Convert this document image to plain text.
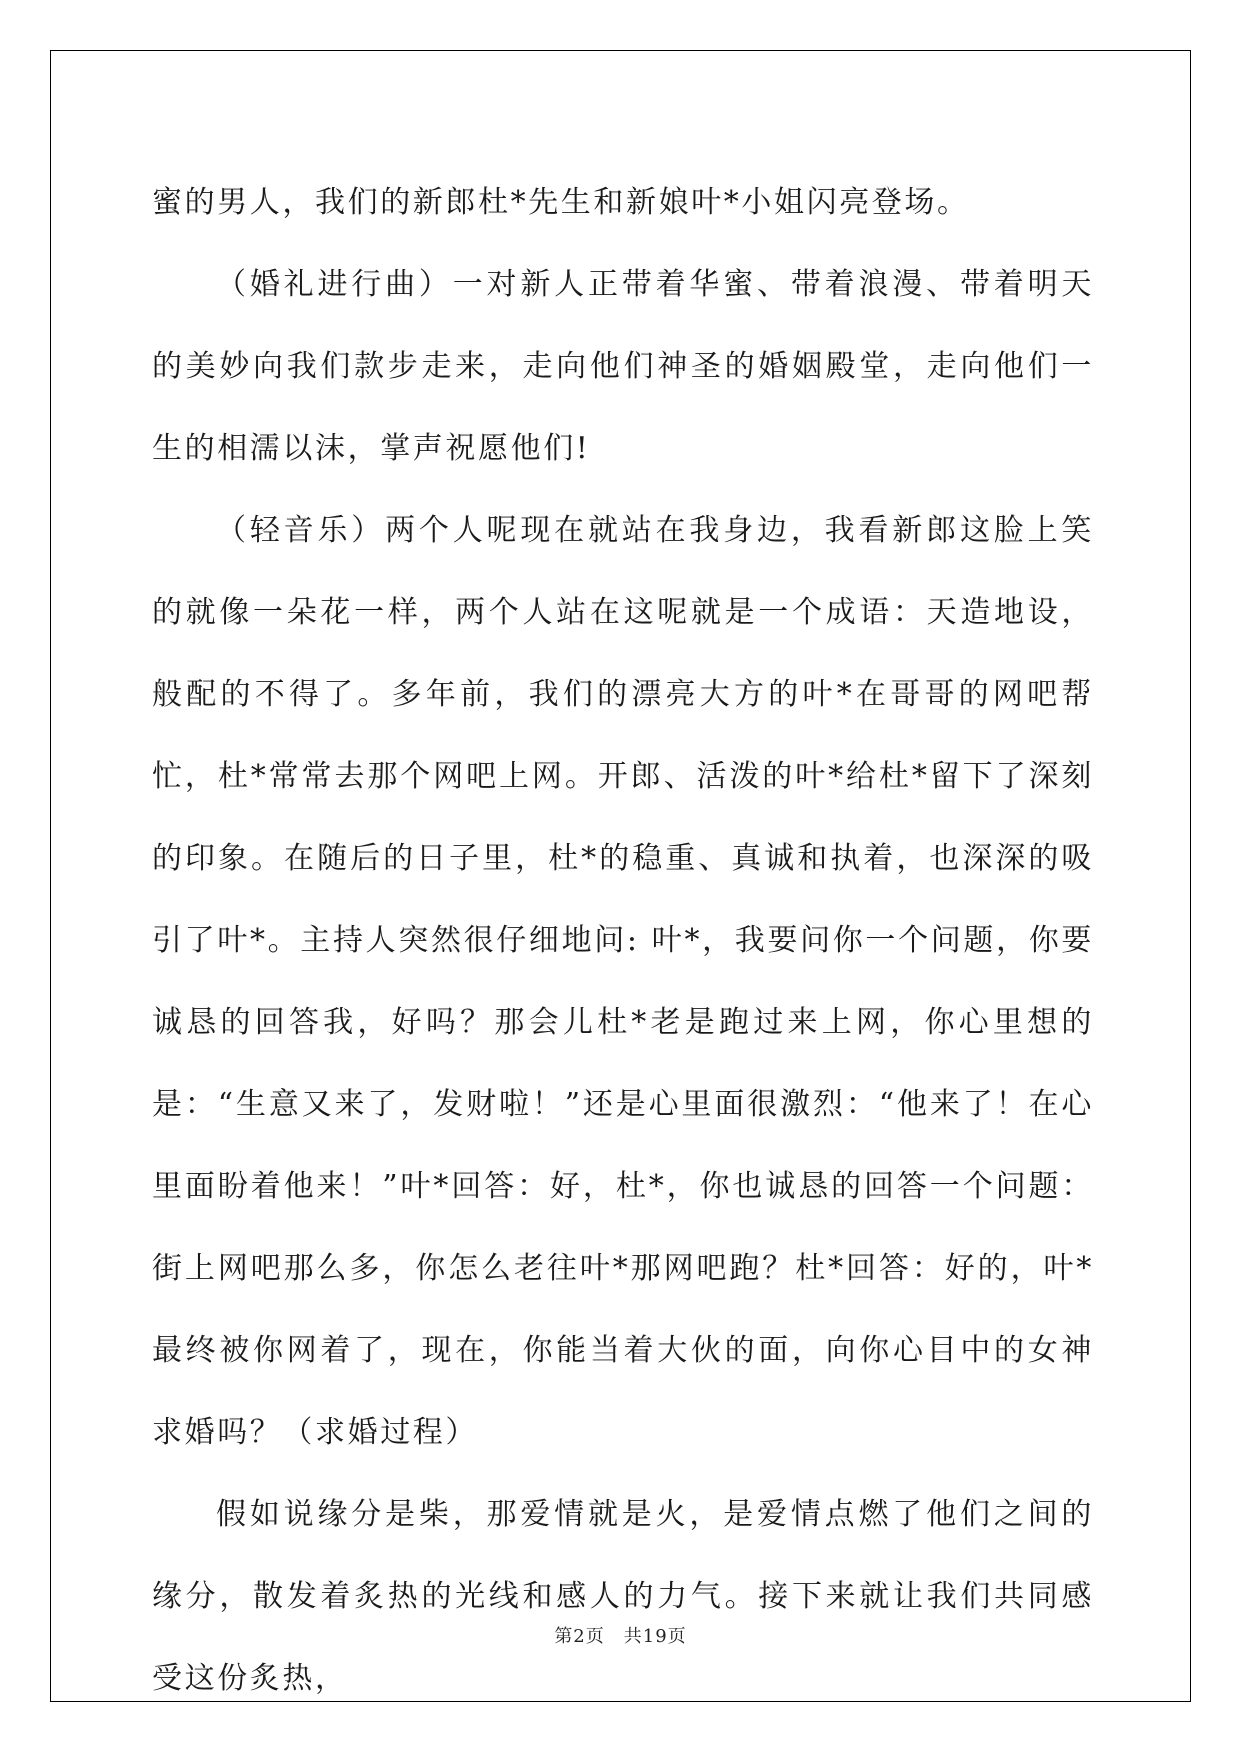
蜜的男人，我们的新郎杜*先生和新娘叶*小姐闪亮登场。

（婚礼进行曲）一对新人正带着华蜜、带着浪漫、带着明天的美妙向我们款步走来，走向他们神圣的婚姻殿堂，走向他们一生的相濡以沫，掌声祝愿他们!

（轻音乐）两个人呢现在就站在我身边，我看新郎这脸上笑的就像一朵花一样，两个人站在这呢就是一个成语：天造地设，般配的不得了。多年前，我们的漂亮大方的叶*在哥哥的网吧帮忙，杜*常常去那个网吧上网。开郎、活泼的叶*给杜*留下了深刻的印象。在随后的日子里，杜*的稳重、真诚和执着，也深深的吸引了叶*。主持人突然很仔细地问: 叶*，我要问你一个问题，你要诚恳的回答我，好吗？那会儿杜*老是跑过来上网，你心里想的是：“生意又来了，发财啦！”还是心里面很激烈：“他来了！在心里面盼着他来！”叶*回答：好，杜*，你也诚恳的回答一个问题：街上网吧那么多，你怎么老往叶*那网吧跑？杜*回答：好的，叶*最终被你网着了，现在，你能当着大伙的面，向你心目中的女神求婚吗？（求婚过程）

假如说缘分是柴，那爱情就是火，是爱情点燃了他们之间的缘分，散发着炙热的光线和感人的力气。接下来就让我们共同感受这份炙热，

第2页　共19页
